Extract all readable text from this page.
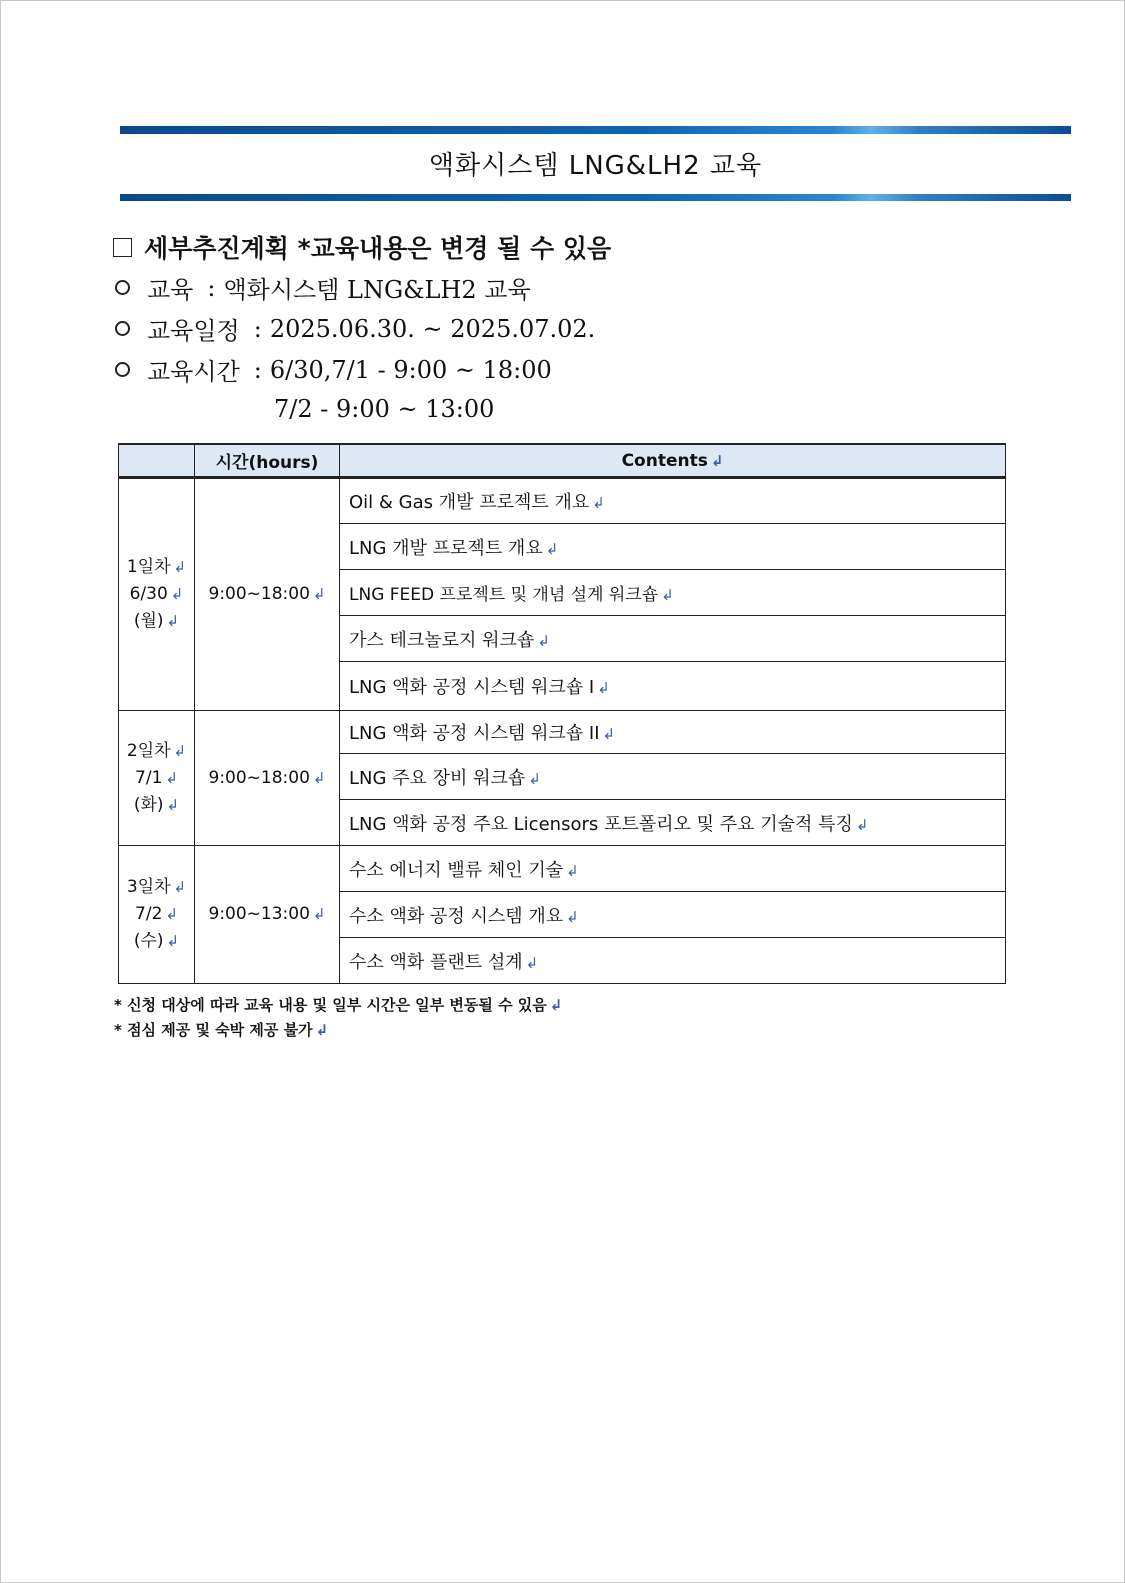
액화시스템 LNG&LH2 교육
세부추진계획 *교육내용은 변경 될 수 있음
교육 : 액화시스템 LNG&LH2 교육
교육일정 : 2025.06.30. ~ 2025.07.02.
교육시간 : 6/30,7/1 - 9:00 ~ 18:00
7/2 - 9:00 ~ 13:00
	시간(hours)	Contents ↲

1일차 ↲
6/30 ↲
(월) ↲	9:00~18:00 ↲	Oil & Gas 개발 프로젝트 개요 ↲
		LNG 개발 프로젝트 개요 ↲
		LNG FEED 프로젝트 및 개념 설계 워크숍 ↲
		가스 테크놀로지 워크숍 ↲
		LNG 액화 공정 시스템 워크숍 I ↲

2일차 ↲
7/1 ↲
(화) ↲	9:00~18:00 ↲	LNG 액화 공정 시스템 워크숍 II ↲
		LNG 주요 장비 워크숍 ↲
		LNG 액화 공정 주요 Licensors 포트폴리오 및 주요 기술적 특징 ↲

3일차 ↲
7/2 ↲
(수) ↲	9:00~13:00 ↲	수소 에너지 밸류 체인 기술 ↲
		수소 액화 공정 시스템 개요 ↲
		수소 액화 플랜트 설계 ↲
* 신청 대상에 따라 교육 내용 및 일부 시간은 일부 변동될 수 있음 ↲
* 점심 제공 및 숙박 제공 불가 ↲
